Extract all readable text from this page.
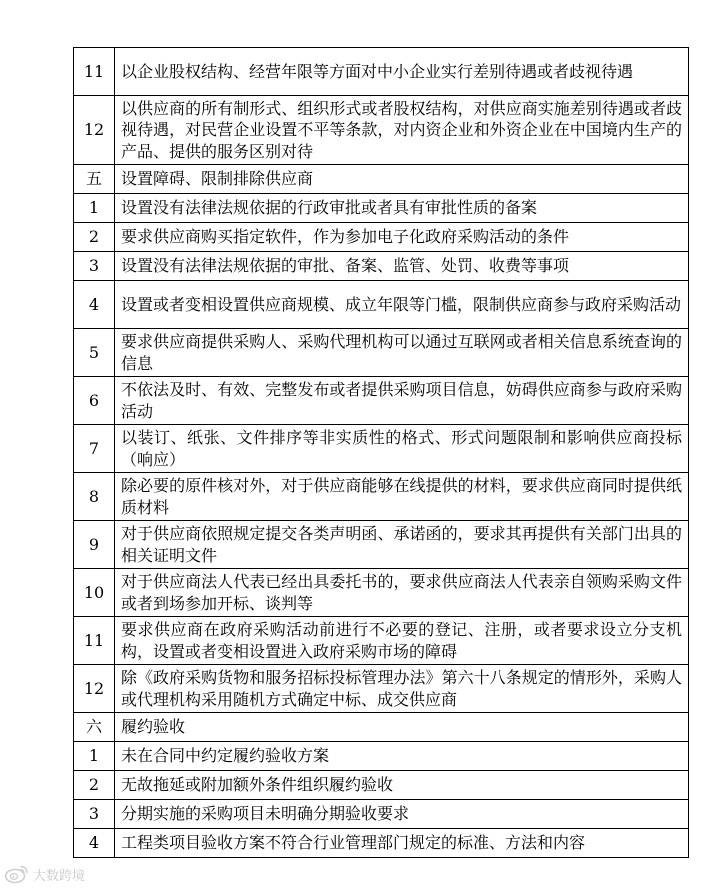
11	以企业股权结构、经营年限等方面对中小企业实行差别待遇或者歧视待遇
12	以供应商的所有制形式、组织形式或者股权结构，对供应商实施差别待遇或者歧视待遇，对民营企业设置不平等条款，对内资企业和外资企业在中国境内生产的产品、提供的服务区别对待
五	设置障碍、限制排除供应商
1	设置没有法律法规依据的行政审批或者具有审批性质的备案
2	要求供应商购买指定软件，作为参加电子化政府采购活动的条件
3	设置没有法律法规依据的审批、备案、监管、处罚、收费等事项
4	设置或者变相设置供应商规模、成立年限等门槛，限制供应商参与政府采购活动
5	要求供应商提供采购人、采购代理机构可以通过互联网或者相关信息系统查询的信息
6	不依法及时、有效、完整发布或者提供采购项目信息，妨碍供应商参与政府采购活动
7	以装订、纸张、文件排序等非实质性的格式、形式问题限制和影响供应商投标（响应）
8	除必要的原件核对外，对于供应商能够在线提供的材料，要求供应商同时提供纸质材料
9	对于供应商依照规定提交各类声明函、承诺函的，要求其再提供有关部门出具的相关证明文件
10	对于供应商法人代表已经出具委托书的，要求供应商法人代表亲自领购采购文件或者到场参加开标、谈判等
11	要求供应商在政府采购活动前进行不必要的登记、注册，或者要求设立分支机构，设置或者变相设置进入政府采购市场的障碍
12	除《政府采购货物和服务招标投标管理办法》第六十八条规定的情形外，采购人或代理机构采用随机方式确定中标、成交供应商
六	履约验收
1	未在合同中约定履约验收方案
2	无故拖延或附加额外条件组织履约验收
3	分期实施的采购项目未明确分期验收要求
4	工程类项目验收方案不符合行业管理部门规定的标准、方法和内容
大数跨境
